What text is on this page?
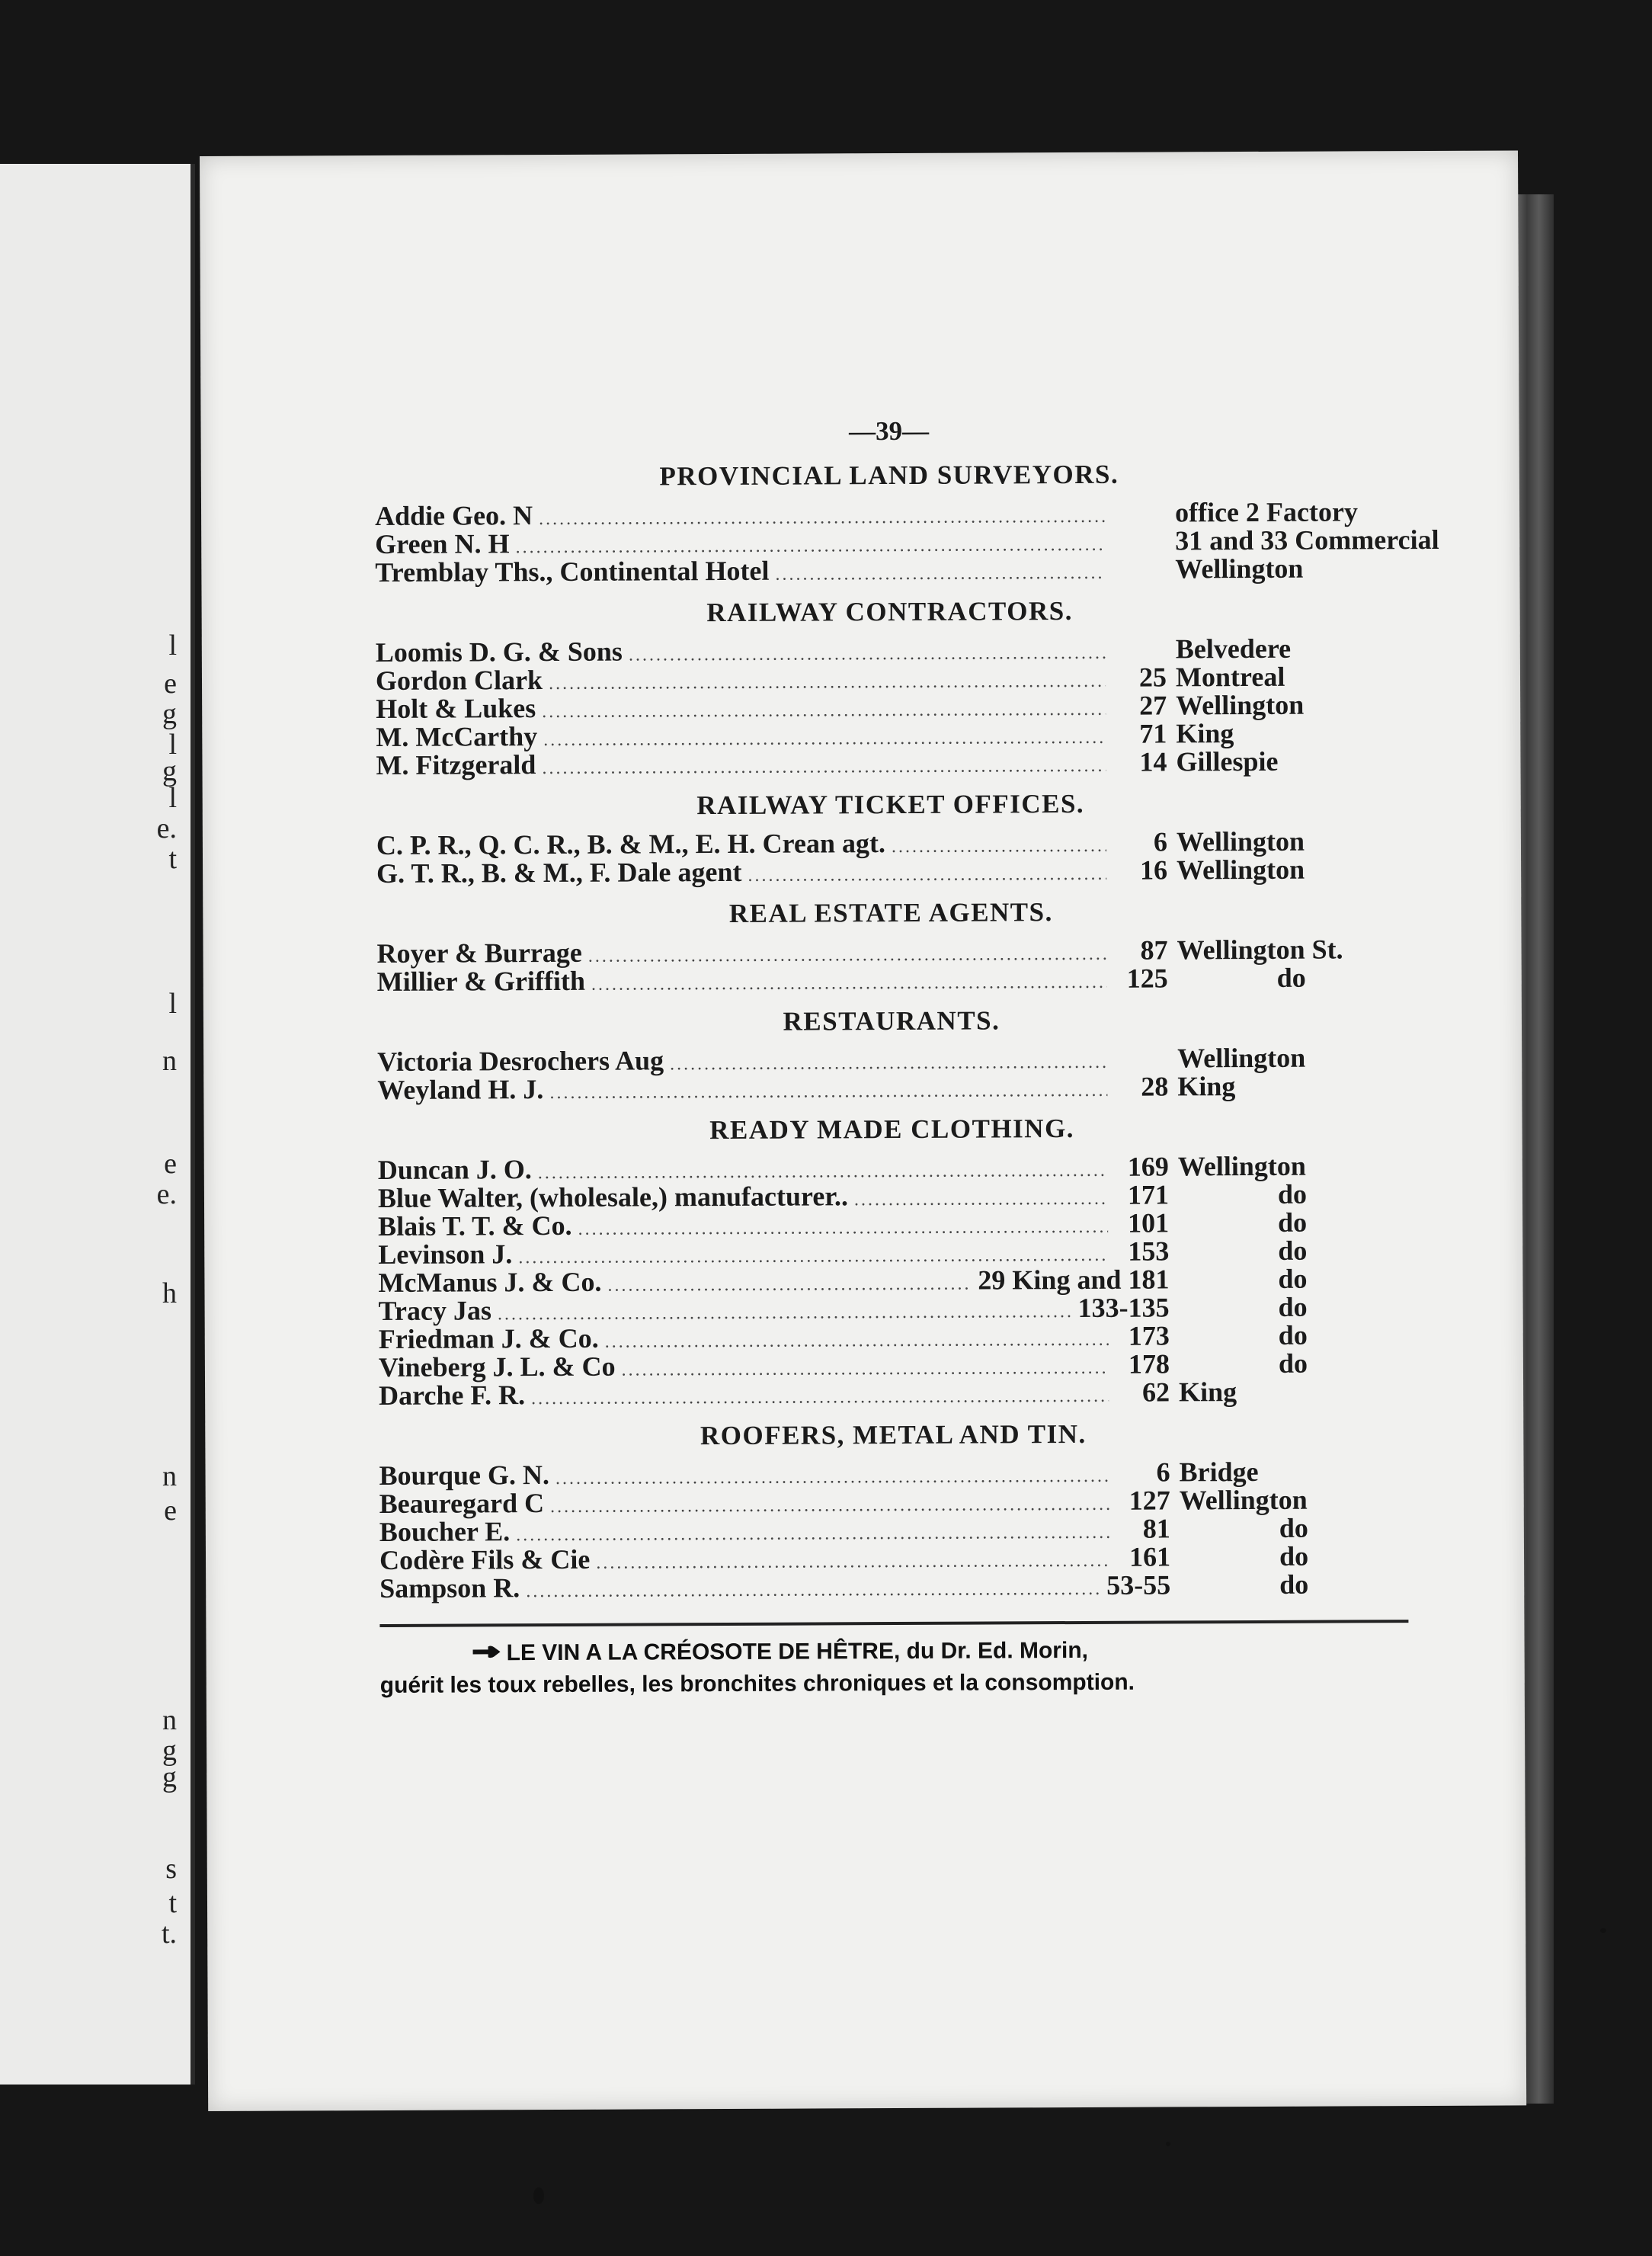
l
e
g
l
g
l
e.
t
l
n
e
e.
h
n
e
n
g
g
s
t
t.
—39—
PROVINCIAL LAND SURVEYORS.
Addie Geo. N .....	office 2 Factory
Green N. H .....	31 and 33 Commercial
Tremblay Ths., Continental Hotel .....	Wellington
RAILWAY CONTRACTORS.
Loomis D. G. & Sons .....	Belvedere
Gordon Clark .....	25 Montreal
Holt & Lukes .....	27 Wellington
M. McCarthy .....	71 King
M. Fitzgerald .....	14 Gillespie
RAILWAY TICKET OFFICES.
C. P. R., Q. C. R., B. & M., E. H. Crean agt. .....	6 Wellington
G. T. R., B. & M., F. Dale agent .....	16 Wellington
REAL ESTATE AGENTS.
Royer & Burrage .....	87 Wellington St.
Millier & Griffith .....	125	do
RESTAURANTS.
Victoria Desrochers Aug .....	Wellington
Weyland H. J. .....	28 King
READY MADE CLOTHING.
Duncan J. O. .....	169 Wellington
Blue Walter, (wholesale,) manufacturer.. .....	171	do
Blais T. T. & Co. .....	101	do
Levinson J. .....	153	do
McManus J. & Co. .....	29 King and 181	do
Tracy Jas .....	133-135	do
Friedman J. & Co. .....	173	do
Vineberg J. L. & Co .....	178	do
Darche F. R. .....	62 King
ROOFERS, METAL AND TIN.
Bourque G. N. .....	6 Bridge
Beauregard C .....	127 Wellington
Boucher E. .....	81	do
Codère Fils & Cie .....	161	do
Sampson R. .....	53-55	do
LE VIN A LA CRÉOSOTE DE HÊTRE, du Dr. Ed. Morin,
guérit les toux rebelles, les bronchites chroniques et la consomption.
